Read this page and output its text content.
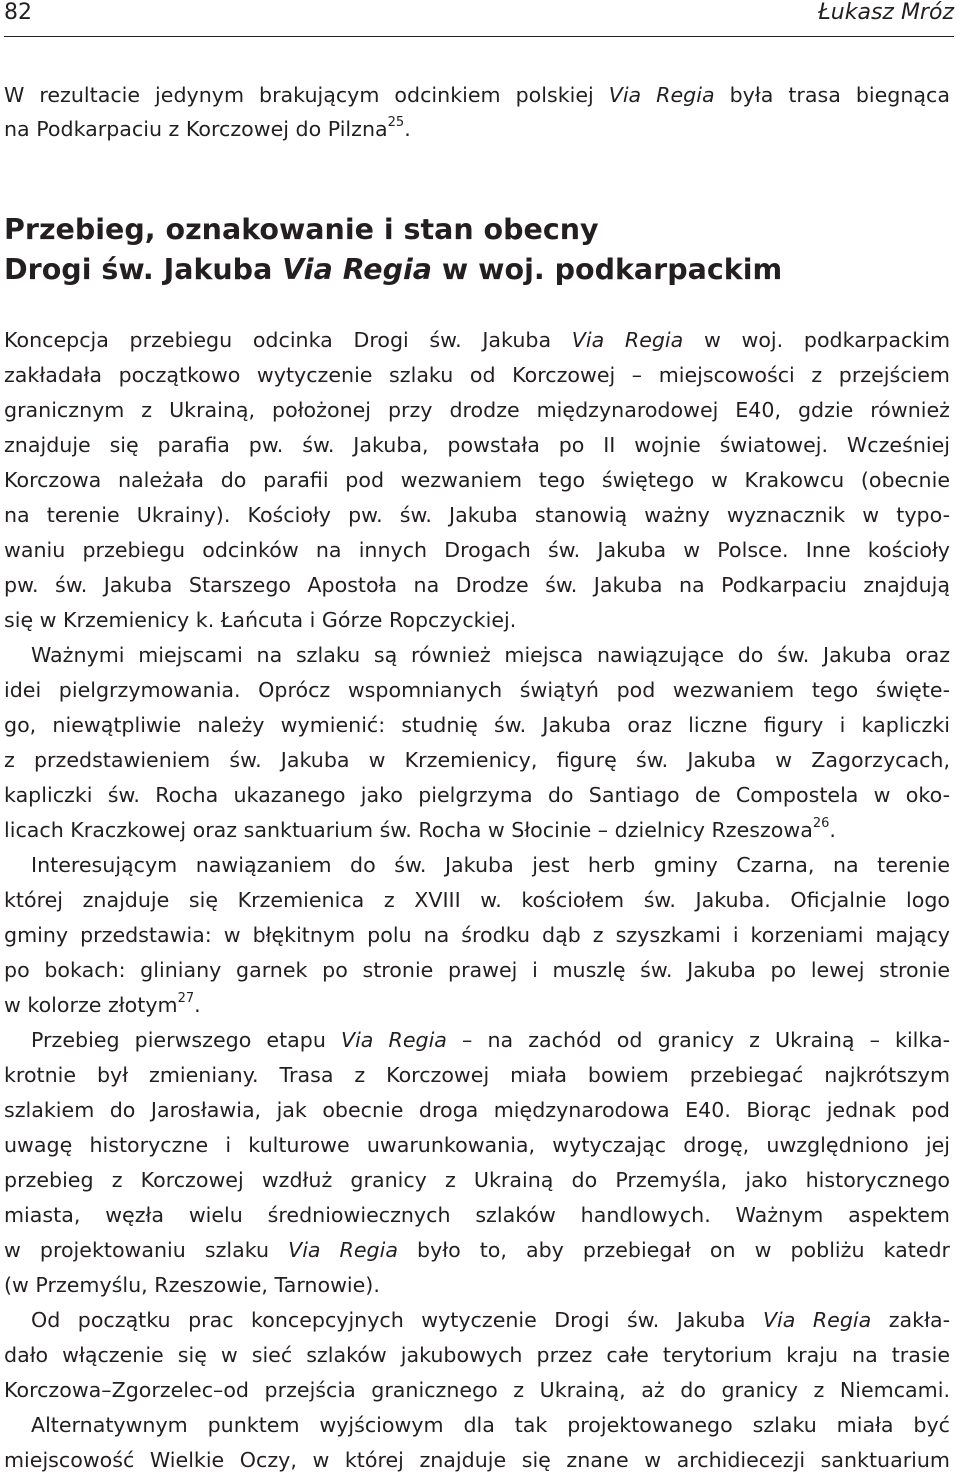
82	Łukasz Mróz
W rezultacie jedynym brakującym odcinkiem polskiej Via Regia była trasa biegnąca
na Podkarpaciu z Korczowej do Pilzna$^{25}$.
Przebieg, oznakowanie i stan obecny
Drogi św. Jakuba Via Regia w woj. podkarpackim
Koncepcja przebiegu odcinka Drogi św. Jakuba Via Regia w woj. podkarpackim
zakładała początkowo wytyczenie szlaku od Korczowej – miejscowości z przejściem
granicznym z Ukrainą, położonej przy drodze międzynarodowej E40, gdzie również
znajduje się parafia pw. św. Jakuba, powstała po II wojnie światowej. Wcześniej
Korczowa należała do parafii pod wezwaniem tego świętego w Krakowcu (obecnie
na terenie Ukrainy). Kościoły pw. św. Jakuba stanowią ważny wyznacznik w typo-
waniu przebiegu odcinków na innych Drogach św. Jakuba w Polsce. Inne kościoły
pw. św. Jakuba Starszego Apostoła na Drodze św. Jakuba na Podkarpaciu znajdują
się w Krzemienicy k. Łańcuta i Górze Ropczyckiej.
Ważnymi miejscami na szlaku są również miejsca nawiązujące do św. Jakuba oraz
idei pielgrzymowania. Oprócz wspomnianych świątyń pod wezwaniem tego święte-
go, niewątpliwie należy wymienić: studnię św. Jakuba oraz liczne figury i kapliczki
z przedstawieniem św. Jakuba w Krzemienicy, figurę św. Jakuba w Zagorzycach,
kapliczki św. Rocha ukazanego jako pielgrzyma do Santiago de Compostela w oko-
licach Kraczkowej oraz sanktuarium św. Rocha w Słocinie – dzielnicy Rzeszowa$^{26}$.
Interesującym nawiązaniem do św. Jakuba jest herb gminy Czarna, na terenie
której znajduje się Krzemienica z XVIII w. kościołem św. Jakuba. Oficjalnie logo
gminy przedstawia: w błękitnym polu na środku dąb z szyszkami i korzeniami mający
po bokach: gliniany garnek po stronie prawej i muszlę św. Jakuba po lewej stronie
w kolorze złotym$^{27}$.
Przebieg pierwszego etapu Via Regia – na zachód od granicy z Ukrainą – kilka-
krotnie był zmieniany. Trasa z Korczowej miała bowiem przebiegać najkrótszym
szlakiem do Jarosławia, jak obecnie droga międzynarodowa E40. Biorąc jednak pod
uwagę historyczne i kulturowe uwarunkowania, wytyczając drogę, uwzględniono jej
przebieg z Korczowej wzdłuż granicy z Ukrainą do Przemyśla, jako historycznego
miasta, węzła wielu średniowiecznych szlaków handlowych. Ważnym aspektem
w projektowaniu szlaku Via Regia było to, aby przebiegał on w pobliżu katedr
(w Przemyślu, Rzeszowie, Tarnowie).
Od początku prac koncepcyjnych wytyczenie Drogi św. Jakuba Via Regia zakła-
dało włączenie się w sieć szlaków jakubowych przez całe terytorium kraju na trasie
Korczowa–Zgorzelec–od przejścia granicznego z Ukrainą, aż do granicy z Niemcami.
Alternatywnym punktem wyjściowym dla tak projektowanego szlaku miała być
miejscowość Wielkie Oczy, w której znajduje się znane w archidiecezji sanktuarium
